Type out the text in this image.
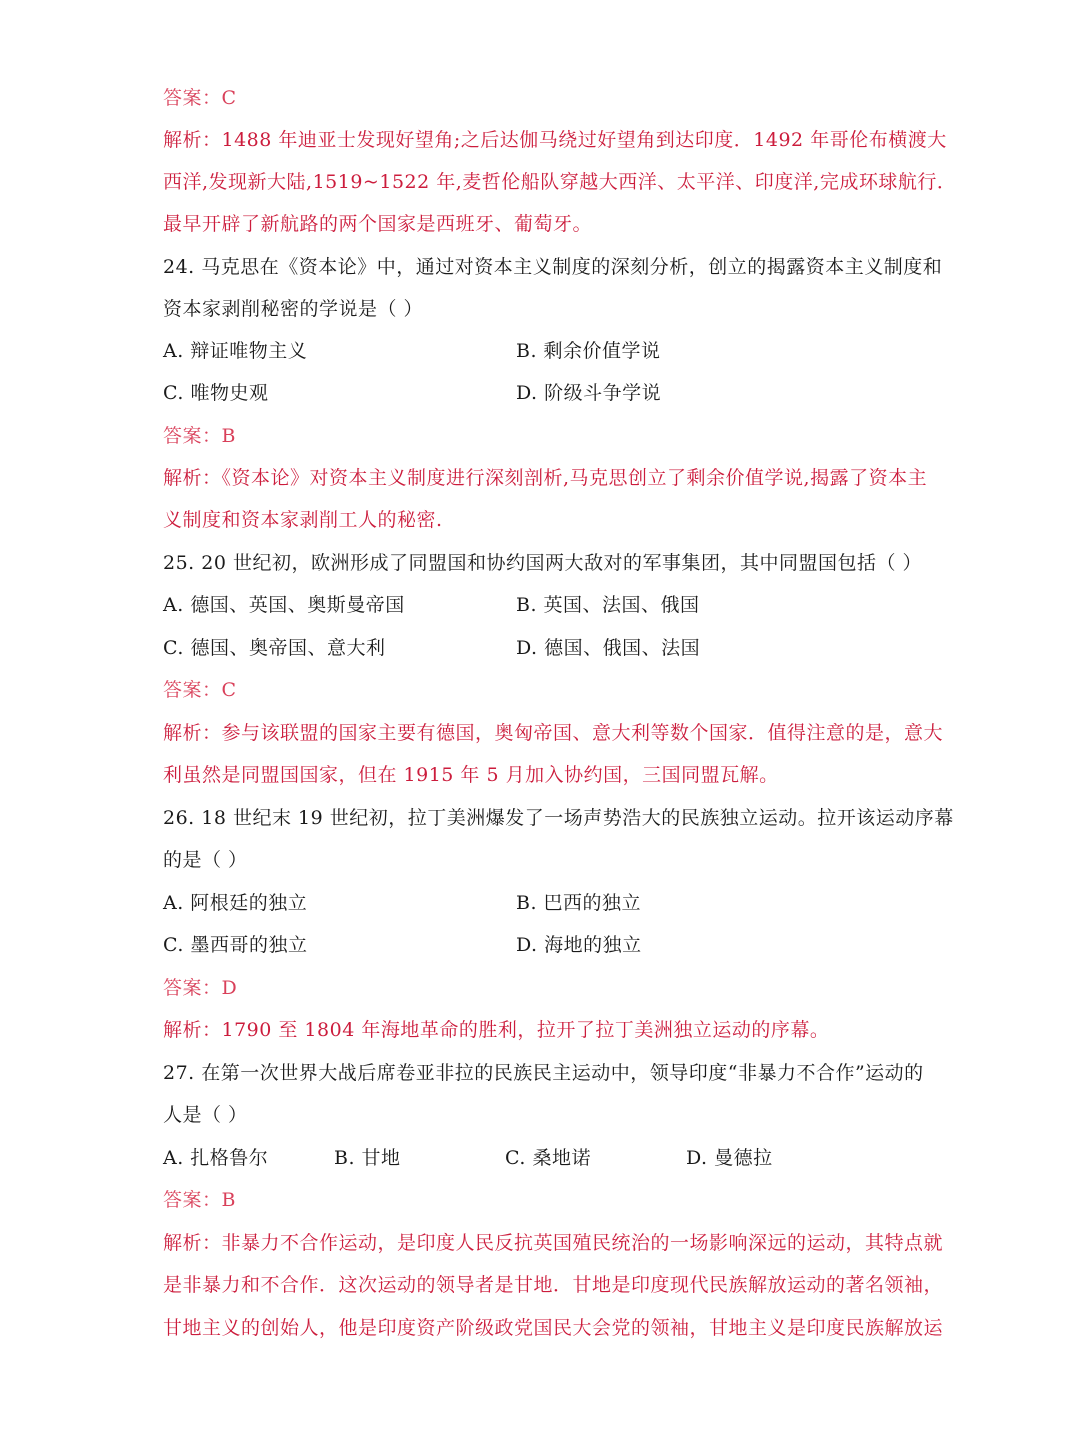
答案：C
解析：1488 年迪亚士发现好望角;之后达伽马绕过好望角到达印度．1492 年哥伦布横渡大
西洋,发现新大陆,1519~1522 年,麦哲伦船队穿越大西洋、太平洋、印度洋,完成环球航行．
最早开辟了新航路的两个国家是西班牙、葡萄牙。
24. 马克思在《资本论》中，通过对资本主义制度的深刻分析，创立的揭露资本主义制度和
资本家剥削秘密的学说是（ ）
A. 辩证唯物主义	B. 剩余价值学说
C. 唯物史观	D. 阶级斗争学说
答案：B
解析：《资本论》对资本主义制度进行深刻剖析,马克思创立了剩余价值学说,揭露了资本主
义制度和资本家剥削工人的秘密.
25. 20 世纪初，欧洲形成了同盟国和协约国两大敌对的军事集团，其中同盟国包括（ ）
A. 德国、英国、奥斯曼帝国	B. 英国、法国、俄国
C. 德国、奥帝国、意大利	D. 德国、俄国、法国
答案：C
解析：参与该联盟的国家主要有德国，奥匈帝国、意大利等数个国家．值得注意的是，意大
利虽然是同盟国国家，但在 1915 年 5 月加入协约国，三国同盟瓦解。
26. 18 世纪末 19 世纪初，拉丁美洲爆发了一场声势浩大的民族独立运动。拉开该运动序幕
的是（ ）
A. 阿根廷的独立	B. 巴西的独立
C. 墨西哥的独立	D. 海地的独立
答案：D
解析：1790 至 1804 年海地革命的胜利，拉开了拉丁美洲独立运动的序幕。
27. 在第一次世界大战后席卷亚非拉的民族民主运动中，领导印度“非暴力不合作”运动的
人是（ ）
A. 扎格鲁尔	B. 甘地	C. 桑地诺	D. 曼德拉
答案：B
解析：非暴力不合作运动，是印度人民反抗英国殖民统治的一场影响深远的运动，其特点就
是非暴力和不合作．这次运动的领导者是甘地．甘地是印度现代民族解放运动的著名领袖，
甘地主义的创始人，他是印度资产阶级政党国民大会党的领袖，甘地主义是印度民族解放运
